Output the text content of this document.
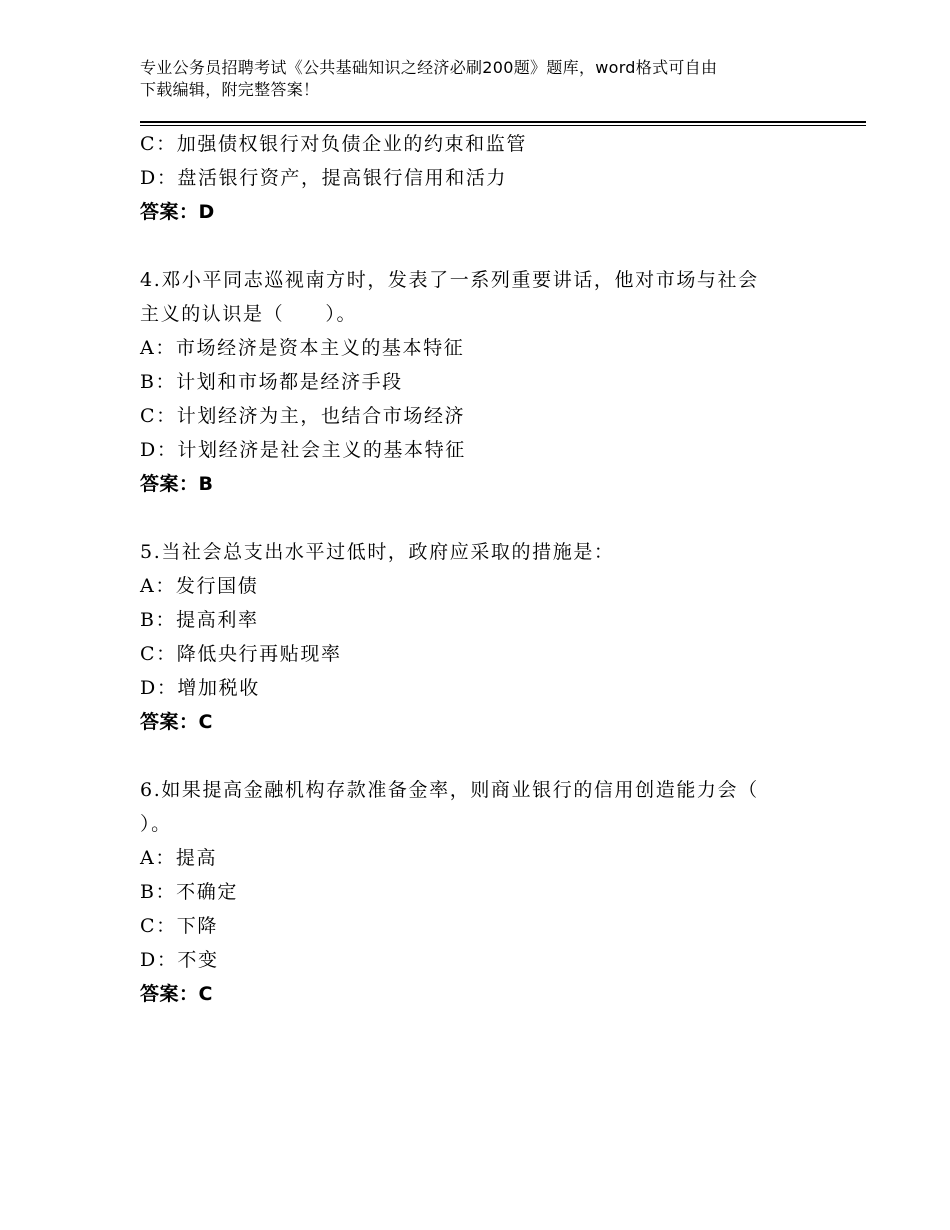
专业公务员招聘考试《公共基础知识之经济必刷200题》题库，word格式可自由
下载编辑，附完整答案！
C：加强债权银行对负债企业的约束和监管
D：盘活银行资产，提高银行信用和活力
答案：D
4.邓小平同志巡视南方时，发表了一系列重要讲话，他对市场与社会
主义的认识是（　　）。
A：市场经济是资本主义的基本特征
B：计划和市场都是经济手段
C：计划经济为主，也结合市场经济
D：计划经济是社会主义的基本特征
答案：B
5.当社会总支出水平过低时，政府应采取的措施是：
A：发行国债
B：提高利率
C：降低央行再贴现率
D：增加税收
答案：C
6.如果提高金融机构存款准备金率，则商业银行的信用创造能力会（
）。
A：提高
B：不确定
C：下降
D：不变
答案：C
